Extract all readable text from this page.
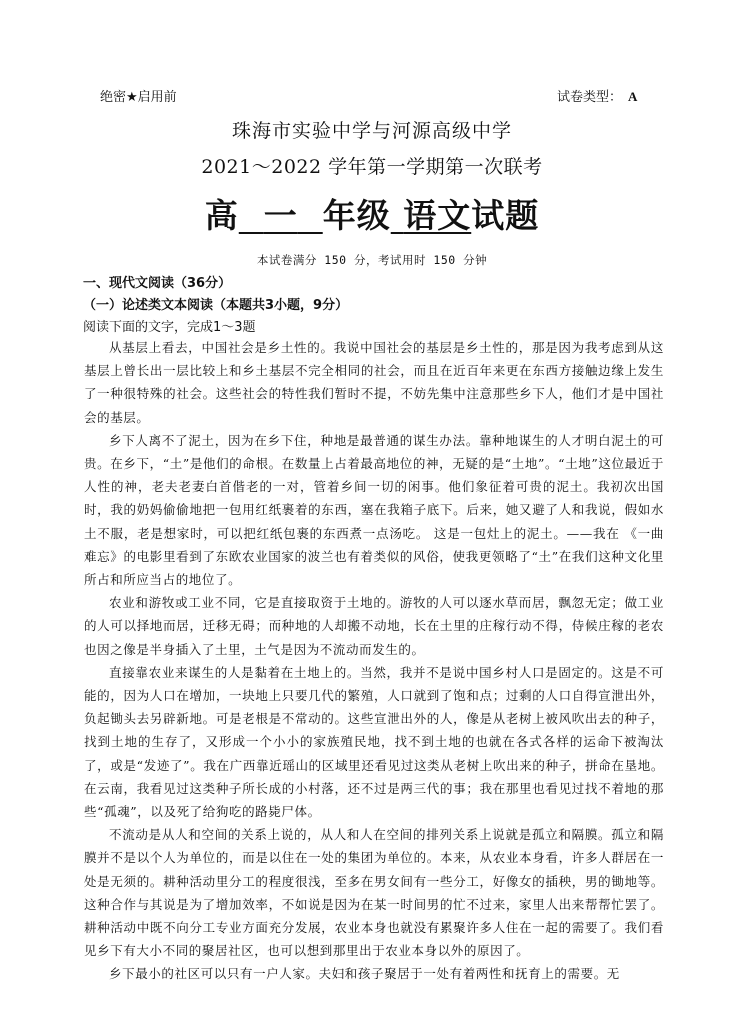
绝密★启用前	试卷类型： A
珠海市实验中学与河源高级中学
2021～2022 学年第一学期第一次联考
高 一 年级 语文试题
本试卷满分 150 分，考试用时 150 分钟
一、现代文阅读（36分）
（一）论述类文本阅读（本题共3小题，9分）
阅读下面的文字，完成1～3题

从基层上看去，中国社会是乡土性的。我说中国社会的基层是乡土性的，那是因为我考虑到从这基层上曾长出一层比较上和乡土基层不完全相同的社会，而且在近百年来更在东西方接触边缘上发生了一种很特殊的社会。这些社会的特性我们暂时不提，不妨先集中注意那些乡下人，他们才是中国社会的基层。

乡下人离不了泥土，因为在乡下住，种地是最普通的谋生办法。靠种地谋生的人才明白泥土的可贵。在乡下，“土”是他们的命根。在数量上占着最高地位的神，无疑的是“土地”。“土地”这位最近于人性的神，老夫老妻白首偕老的一对，管着乡间一切的闲事。他们象征着可贵的泥土。我初次出国时，我的奶妈偷偷地把一包用红纸裹着的东西，塞在我箱子底下。后来，她又避了人和我说，假如水土不服，老是想家时，可以把红纸包裹的东西煮一点汤吃。 这是一包灶上的泥土。——我在 《一曲难忘》的电影里看到了东欧农业国家的波兰也有着类似的风俗，使我更领略了“土”在我们这种文化里所占和所应当占的地位了。

农业和游牧或工业不同，它是直接取资于土地的。游牧的人可以逐水草而居，飘忽无定；做工业的人可以择地而居，迁移无碍；而种地的人却搬不动地，长在土里的庄稼行动不得，侍候庄稼的老农也因之像是半身插入了土里，土气是因为不流动而发生的。

直接靠农业来谋生的人是黏着在土地上的。当然，我并不是说中国乡村人口是固定的。这是不可能的，因为人口在增加，一块地上只要几代的繁殖，人口就到了饱和点；过剩的人口自得宣泄出外，负起锄头去另辟新地。可是老根是不常动的。这些宣泄出外的人，像是从老树上被风吹出去的种子，找到土地的生存了，又形成一个小小的家族殖民地，找不到土地的也就在各式各样的运命下被淘汰了，或是“发迹了”。我在广西靠近瑶山的区域里还看见过这类从老树上吹出来的种子，拼命在垦地。在云南，我看见过这类种子所长成的小村落，还不过是两三代的事；我在那里也看见过找不着地的那些“孤魂”，以及死了给狗吃的路毙尸体。

不流动是从人和空间的关系上说的，从人和人在空间的排列关系上说就是孤立和隔膜。孤立和隔膜并不是以个人为单位的，而是以住在一处的集团为单位的。本来，从农业本身看，许多人群居在一处是无须的。耕种活动里分工的程度很浅，至多在男女间有一些分工，好像女的插秧，男的锄地等。这种合作与其说是为了增加效率，不如说是因为在某一时间男的忙不过来，家里人出来帮帮忙罢了。耕种活动中既不向分工专业方面充分发展，农业本身也就没有累聚许多人住在一起的需要了。我们看见乡下有大小不同的聚居社区，也可以想到那里出于农业本身以外的原因了。

乡下最小的社区可以只有一户人家。夫妇和孩子聚居于一处有着两性和抚育上的需要。无
